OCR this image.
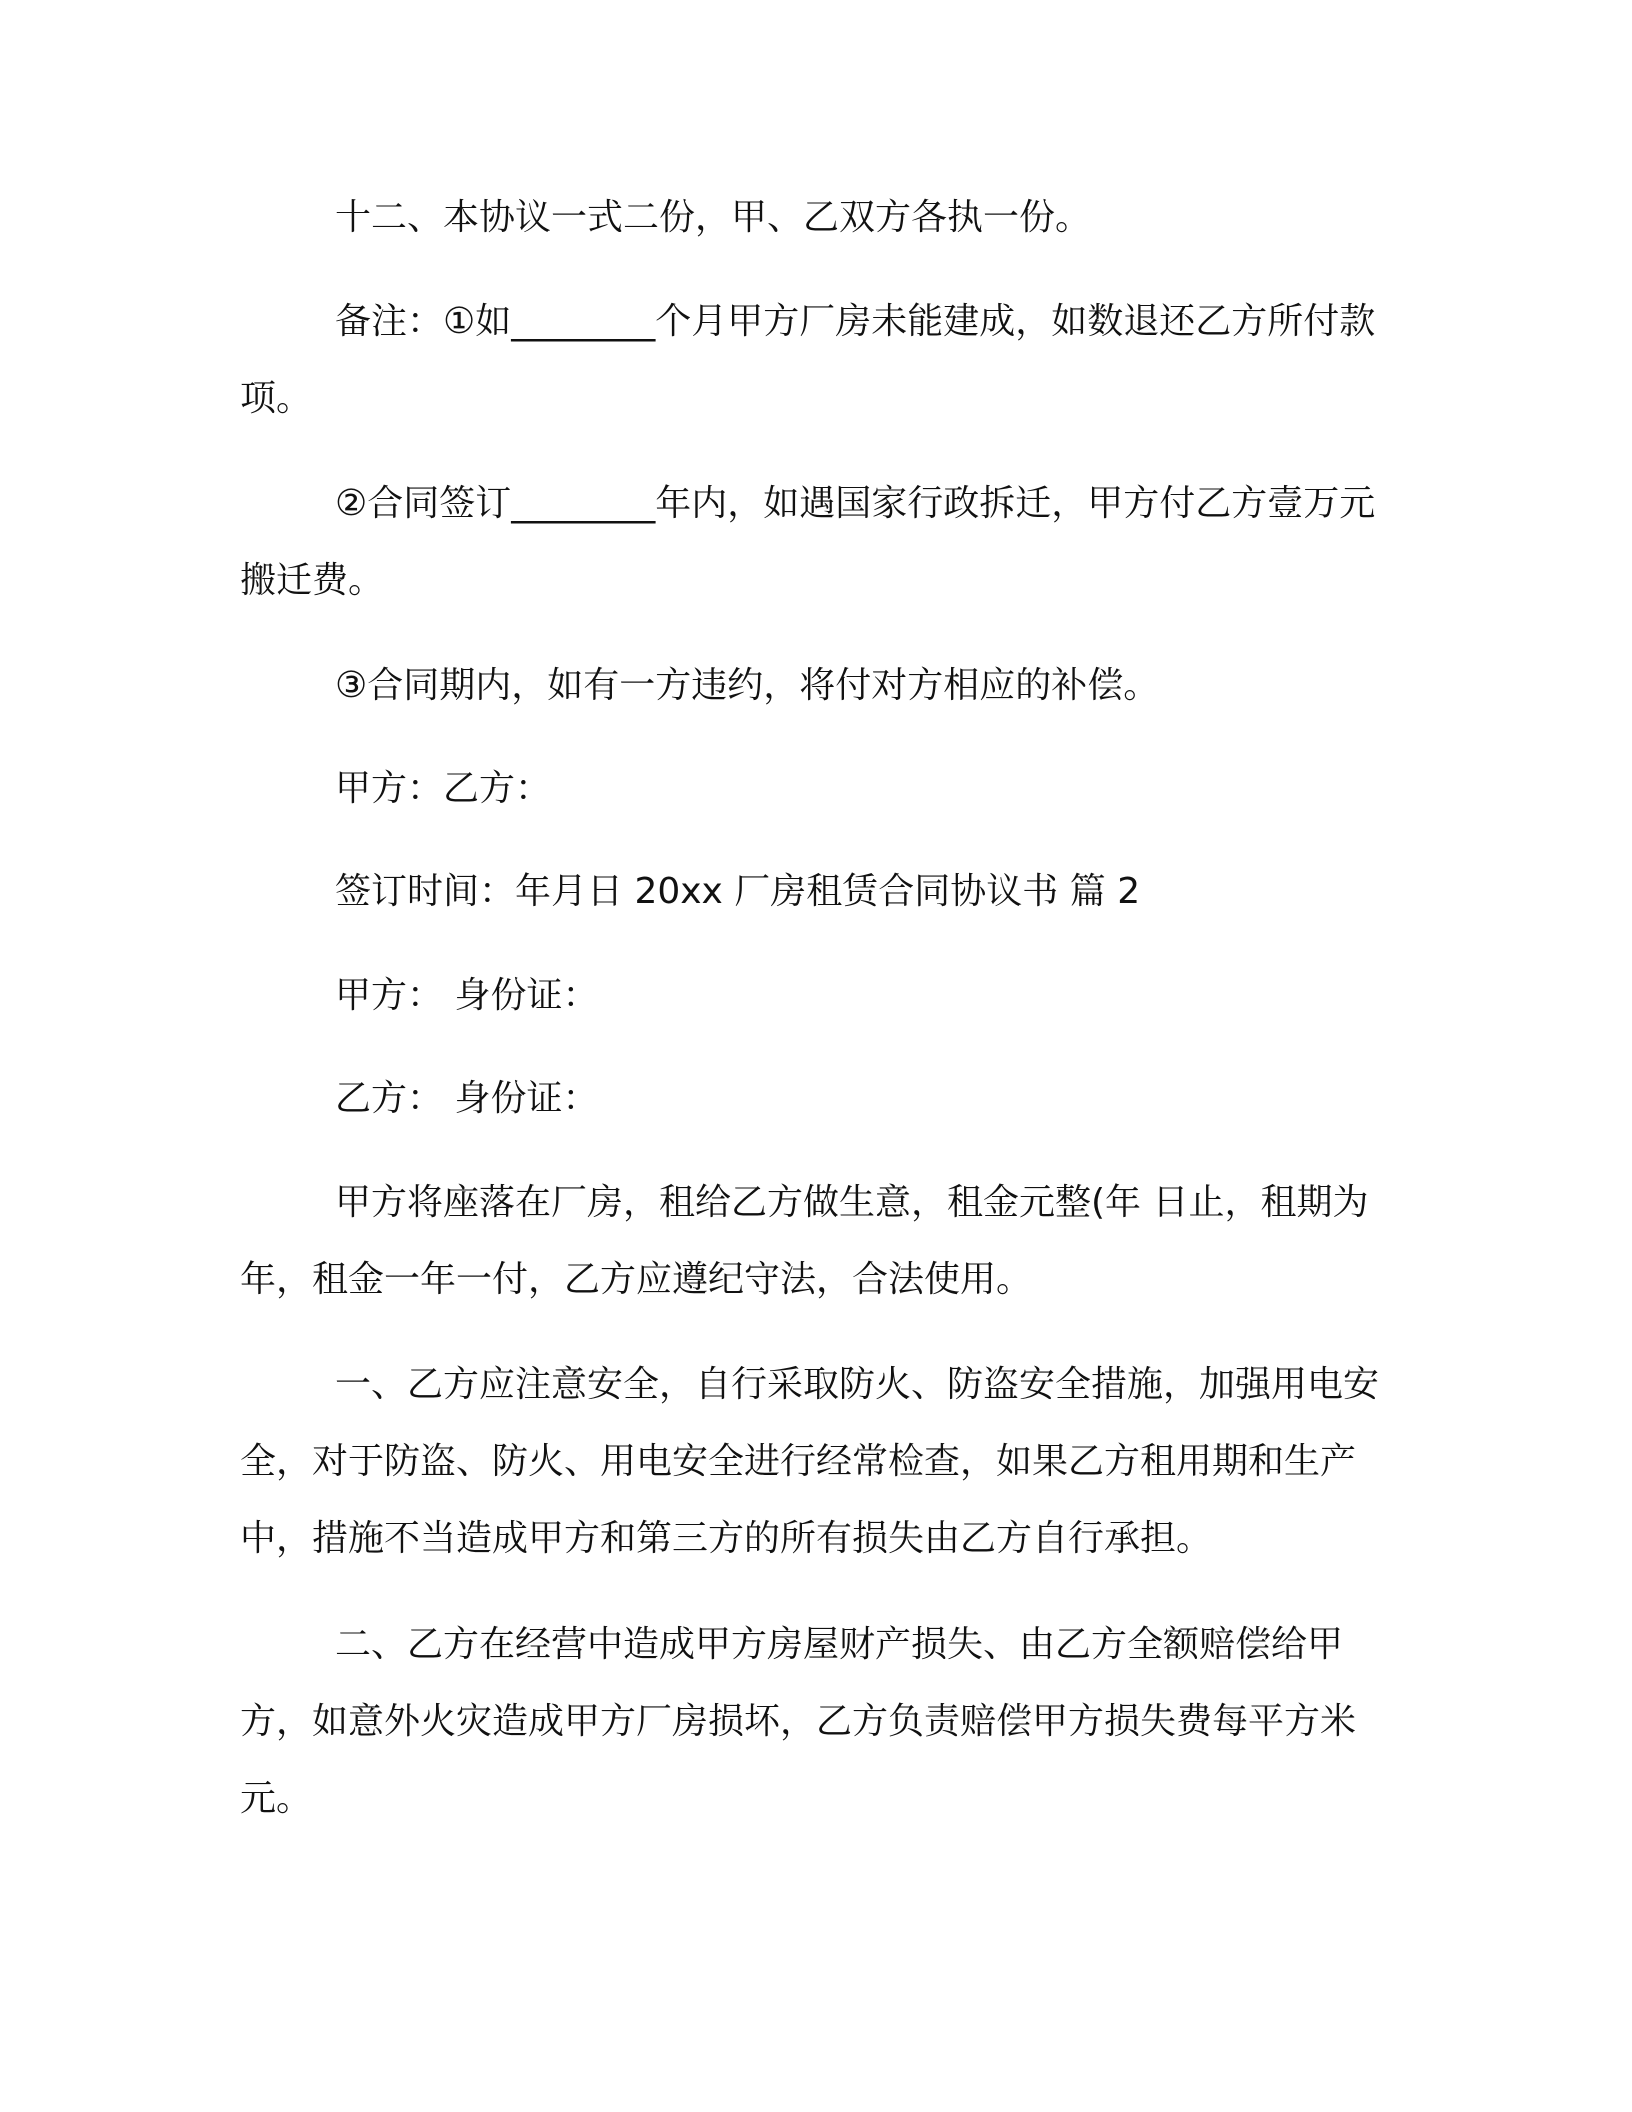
十二、本协议一式二份，甲、乙双方各执一份。

备注：①如________个月甲方厂房未能建成，如数退还乙方所付款项。

②合同签订________年内，如遇国家行政拆迁，甲方付乙方壹万元搬迁费。

③合同期内，如有一方违约，将付对方相应的补偿。

甲方：乙方：

签订时间：年月日 20xx 厂房租赁合同协议书 篇 2

甲方： 身份证：

乙方： 身份证：

甲方将座落在厂房，租给乙方做生意，租金元整(年 日止，租期为年，租金一年一付，乙方应遵纪守法，合法使用。

一、乙方应注意安全，自行采取防火、防盗安全措施，加强用电安全，对于防盗、防火、用电安全进行经常检查，如果乙方租用期和生产中，措施不当造成甲方和第三方的所有损失由乙方自行承担。

二、乙方在经营中造成甲方房屋财产损失、由乙方全额赔偿给甲方，如意外火灾造成甲方厂房损坏，乙方负责赔偿甲方损失费每平方米 元。
